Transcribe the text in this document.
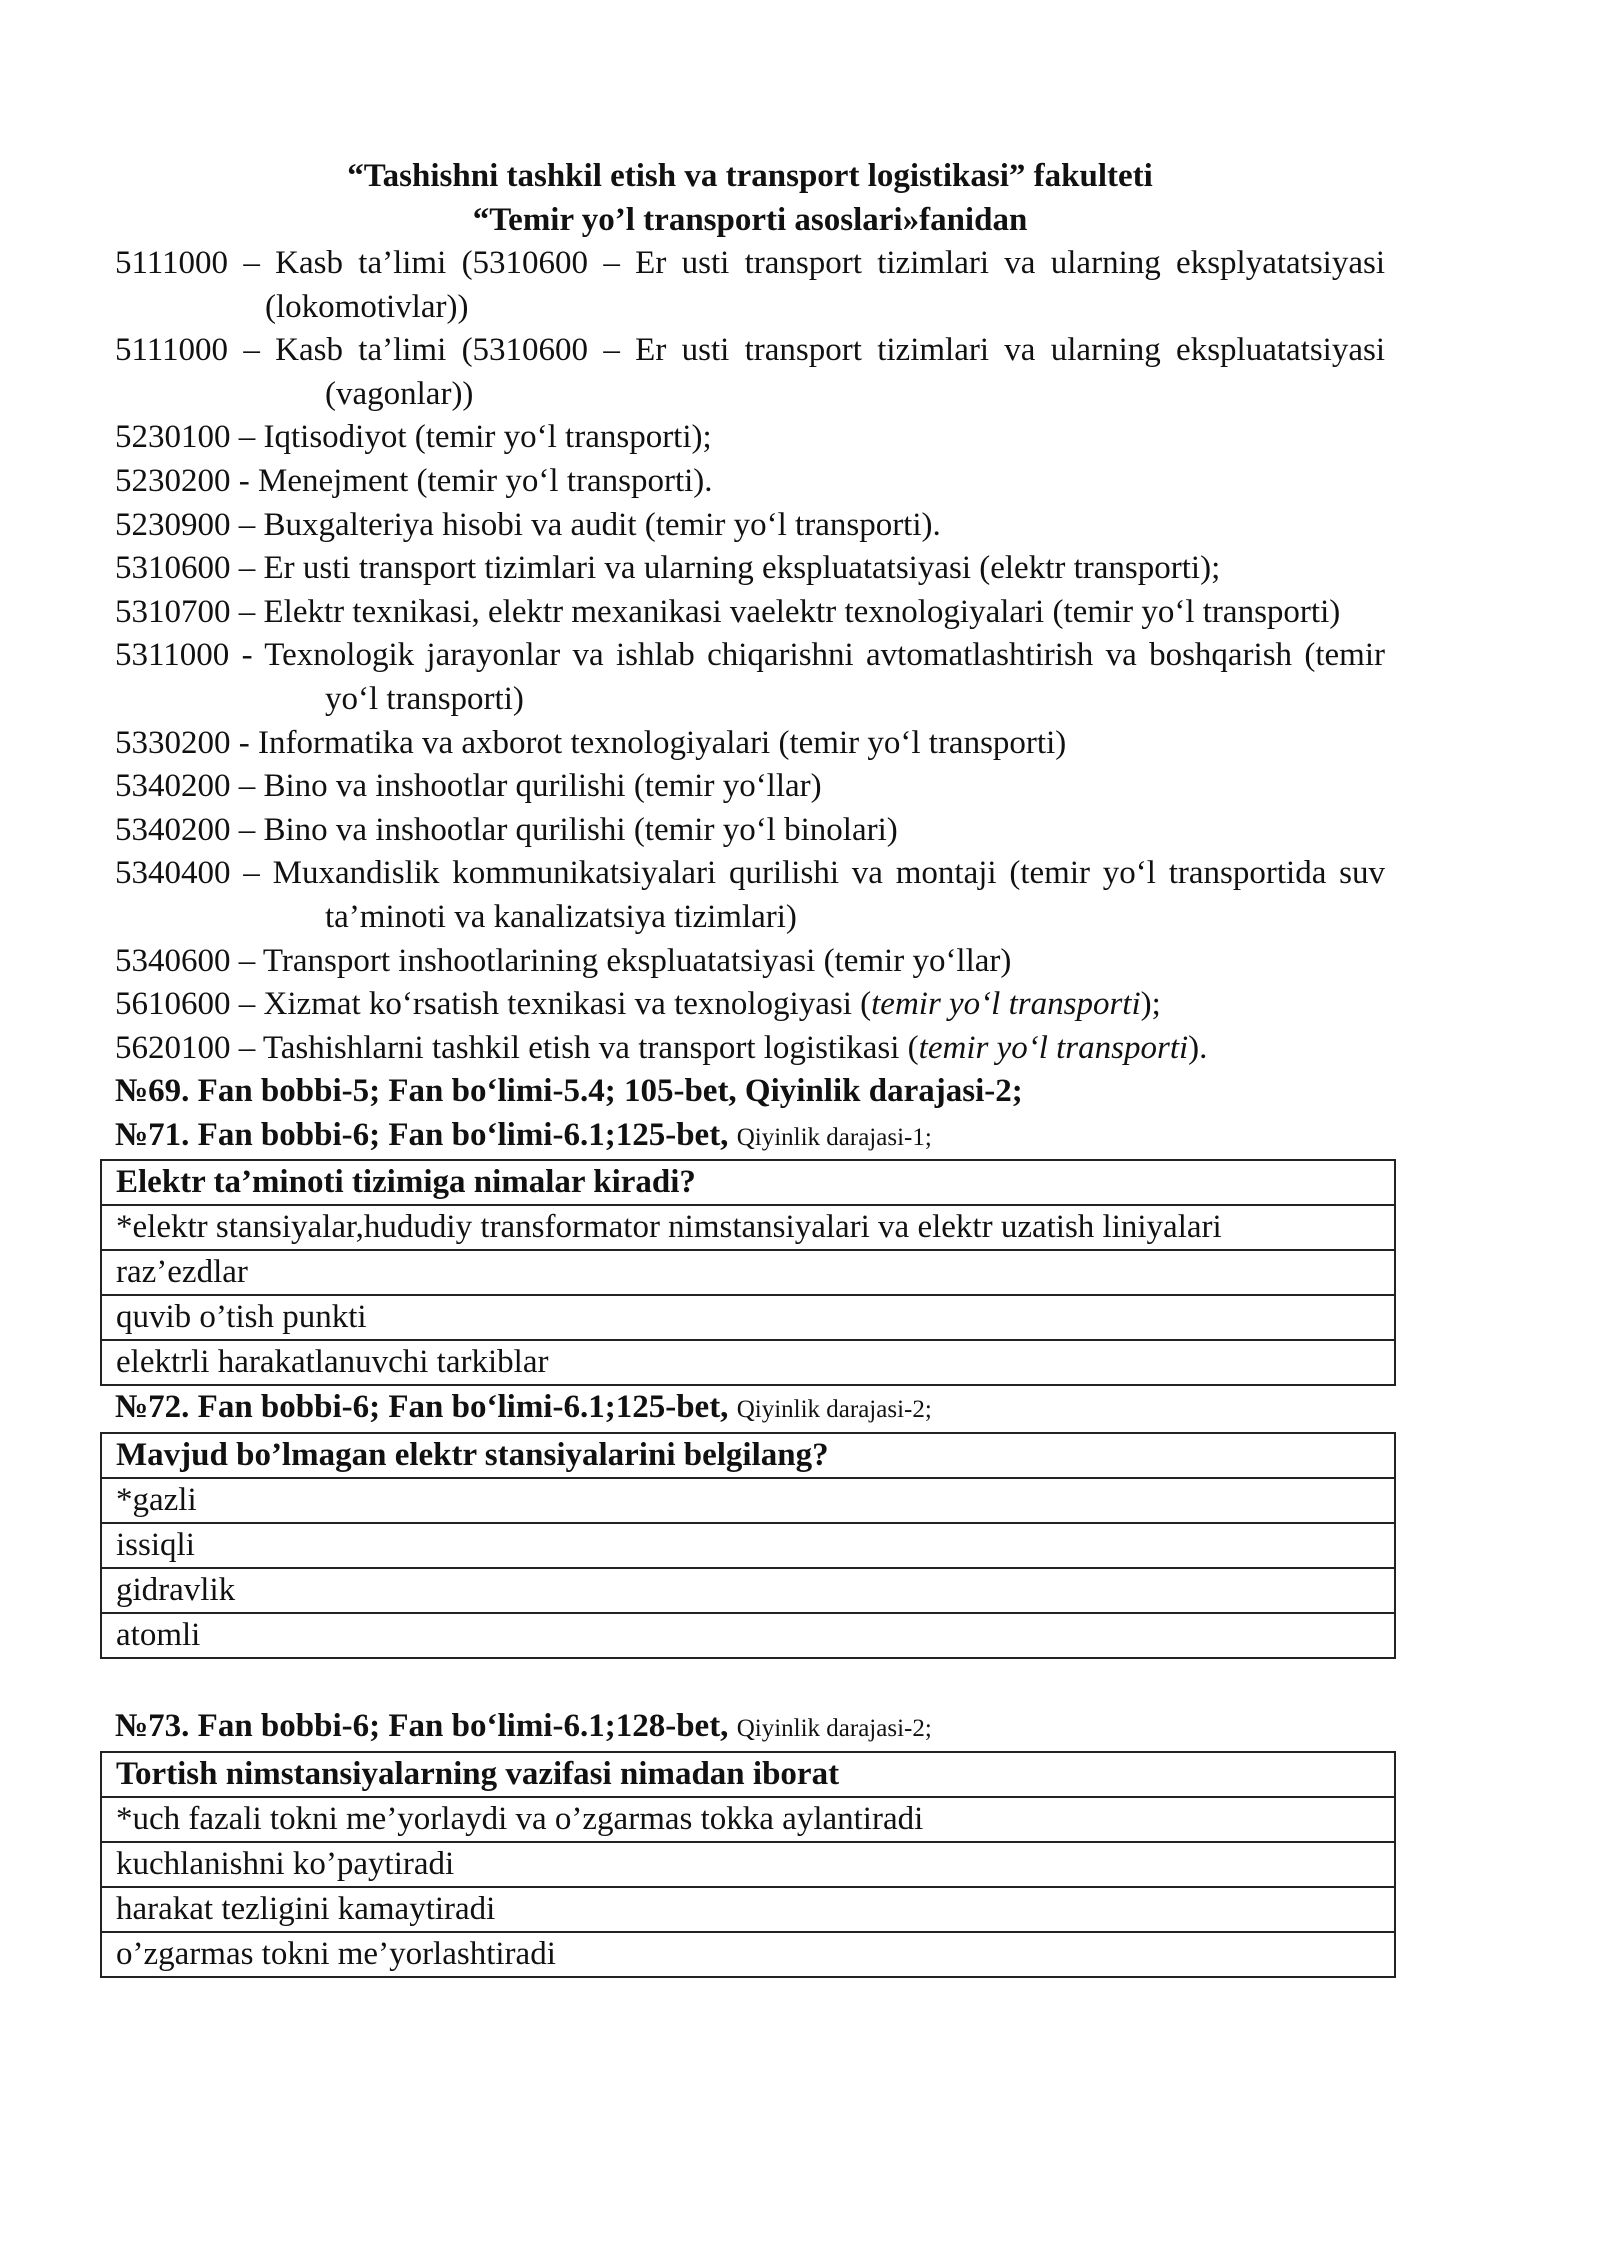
“Tashishni tashkil etish va transport logistikasi” fakulteti
“Temir yo’l transporti asoslari»fanidan
5111000 – Kasb ta’limi (5310600 – Er usti transport tizimlari va ularning eksplуatatsiyasi (lokomotivlar))
5111000 – Kasb ta’limi (5310600 – Er usti transport tizimlari va ularning ekspluatatsiyasi (vagonlar))
5230100 – Iqtisodiyot (temir yo‘l transporti);
5230200 - Menejment (temir yo‘l transporti).
5230900 – Buxgalteriya hisobi va audit (temir yo‘l transporti).
5310600 – Er usti transport tizimlari va ularning ekspluatatsiyasi (elektr transporti);
5310700 – Elektr texnikasi, elektr mexanikasi vaelektr texnologiyalari (temir yo‘l transporti)
5311000 - Texnologik jarayonlar va ishlab chiqarishni avtomatlashtirish va boshqarish (temir yo‘l transporti)
5330200 - Informatika va axborot texnologiyalari (temir yo‘l transporti)
5340200 – Bino va inshootlar qurilishi (temir yo‘llar)
5340200 – Bino va inshootlar qurilishi (temir yo‘l binolari)
5340400 – Muxandislik kommunikatsiyalari qurilishi va montaji (temir yo‘l transportida suv ta’minoti va kanalizatsiya tizimlari)
5340600 – Transport inshootlarining ekspluatatsiyasi (temir yo‘llar)
5610600 – Xizmat ko‘rsatish texnikasi va texnologiyasi (temir yo‘l transporti);
5620100 – Tashishlarni tashkil etish va transport logistikasi (temir yo‘l transporti).
№69. Fan bobbi-5; Fan bo‘limi-5.4; 105-bet, Qiyinlik darajasi-2;
№71. Fan bobbi-6; Fan bo‘limi-6.1;125-bet, Qiyinlik darajasi-1;
Elektr ta’minoti tizimiga nimalar kiradi?
*elektr stansiyalar,hududiy transformator nimstansiyalari va elektr uzatish liniyalari
raz’ezdlar
quvib o’tish punkti
elektrli harakatlanuvchi tarkiblar
№72. Fan bobbi-6; Fan bo‘limi-6.1;125-bet, Qiyinlik darajasi-2;
Mavjud bo’lmagan elektr stansiyalarini belgilang?
*gazli
issiqli
gidravlik
atomli
№73. Fan bobbi-6; Fan bo‘limi-6.1;128-bet, Qiyinlik darajasi-2;
Tortish nimstansiyalarning vazifasi nimadan iborat
*uch fazali tokni me’yorlaydi va o’zgarmas tokka aylantiradi
kuchlanishni ko’paytiradi
harakat tezligini kamaytiradi
o’zgarmas tokni me’yorlashtiradi
